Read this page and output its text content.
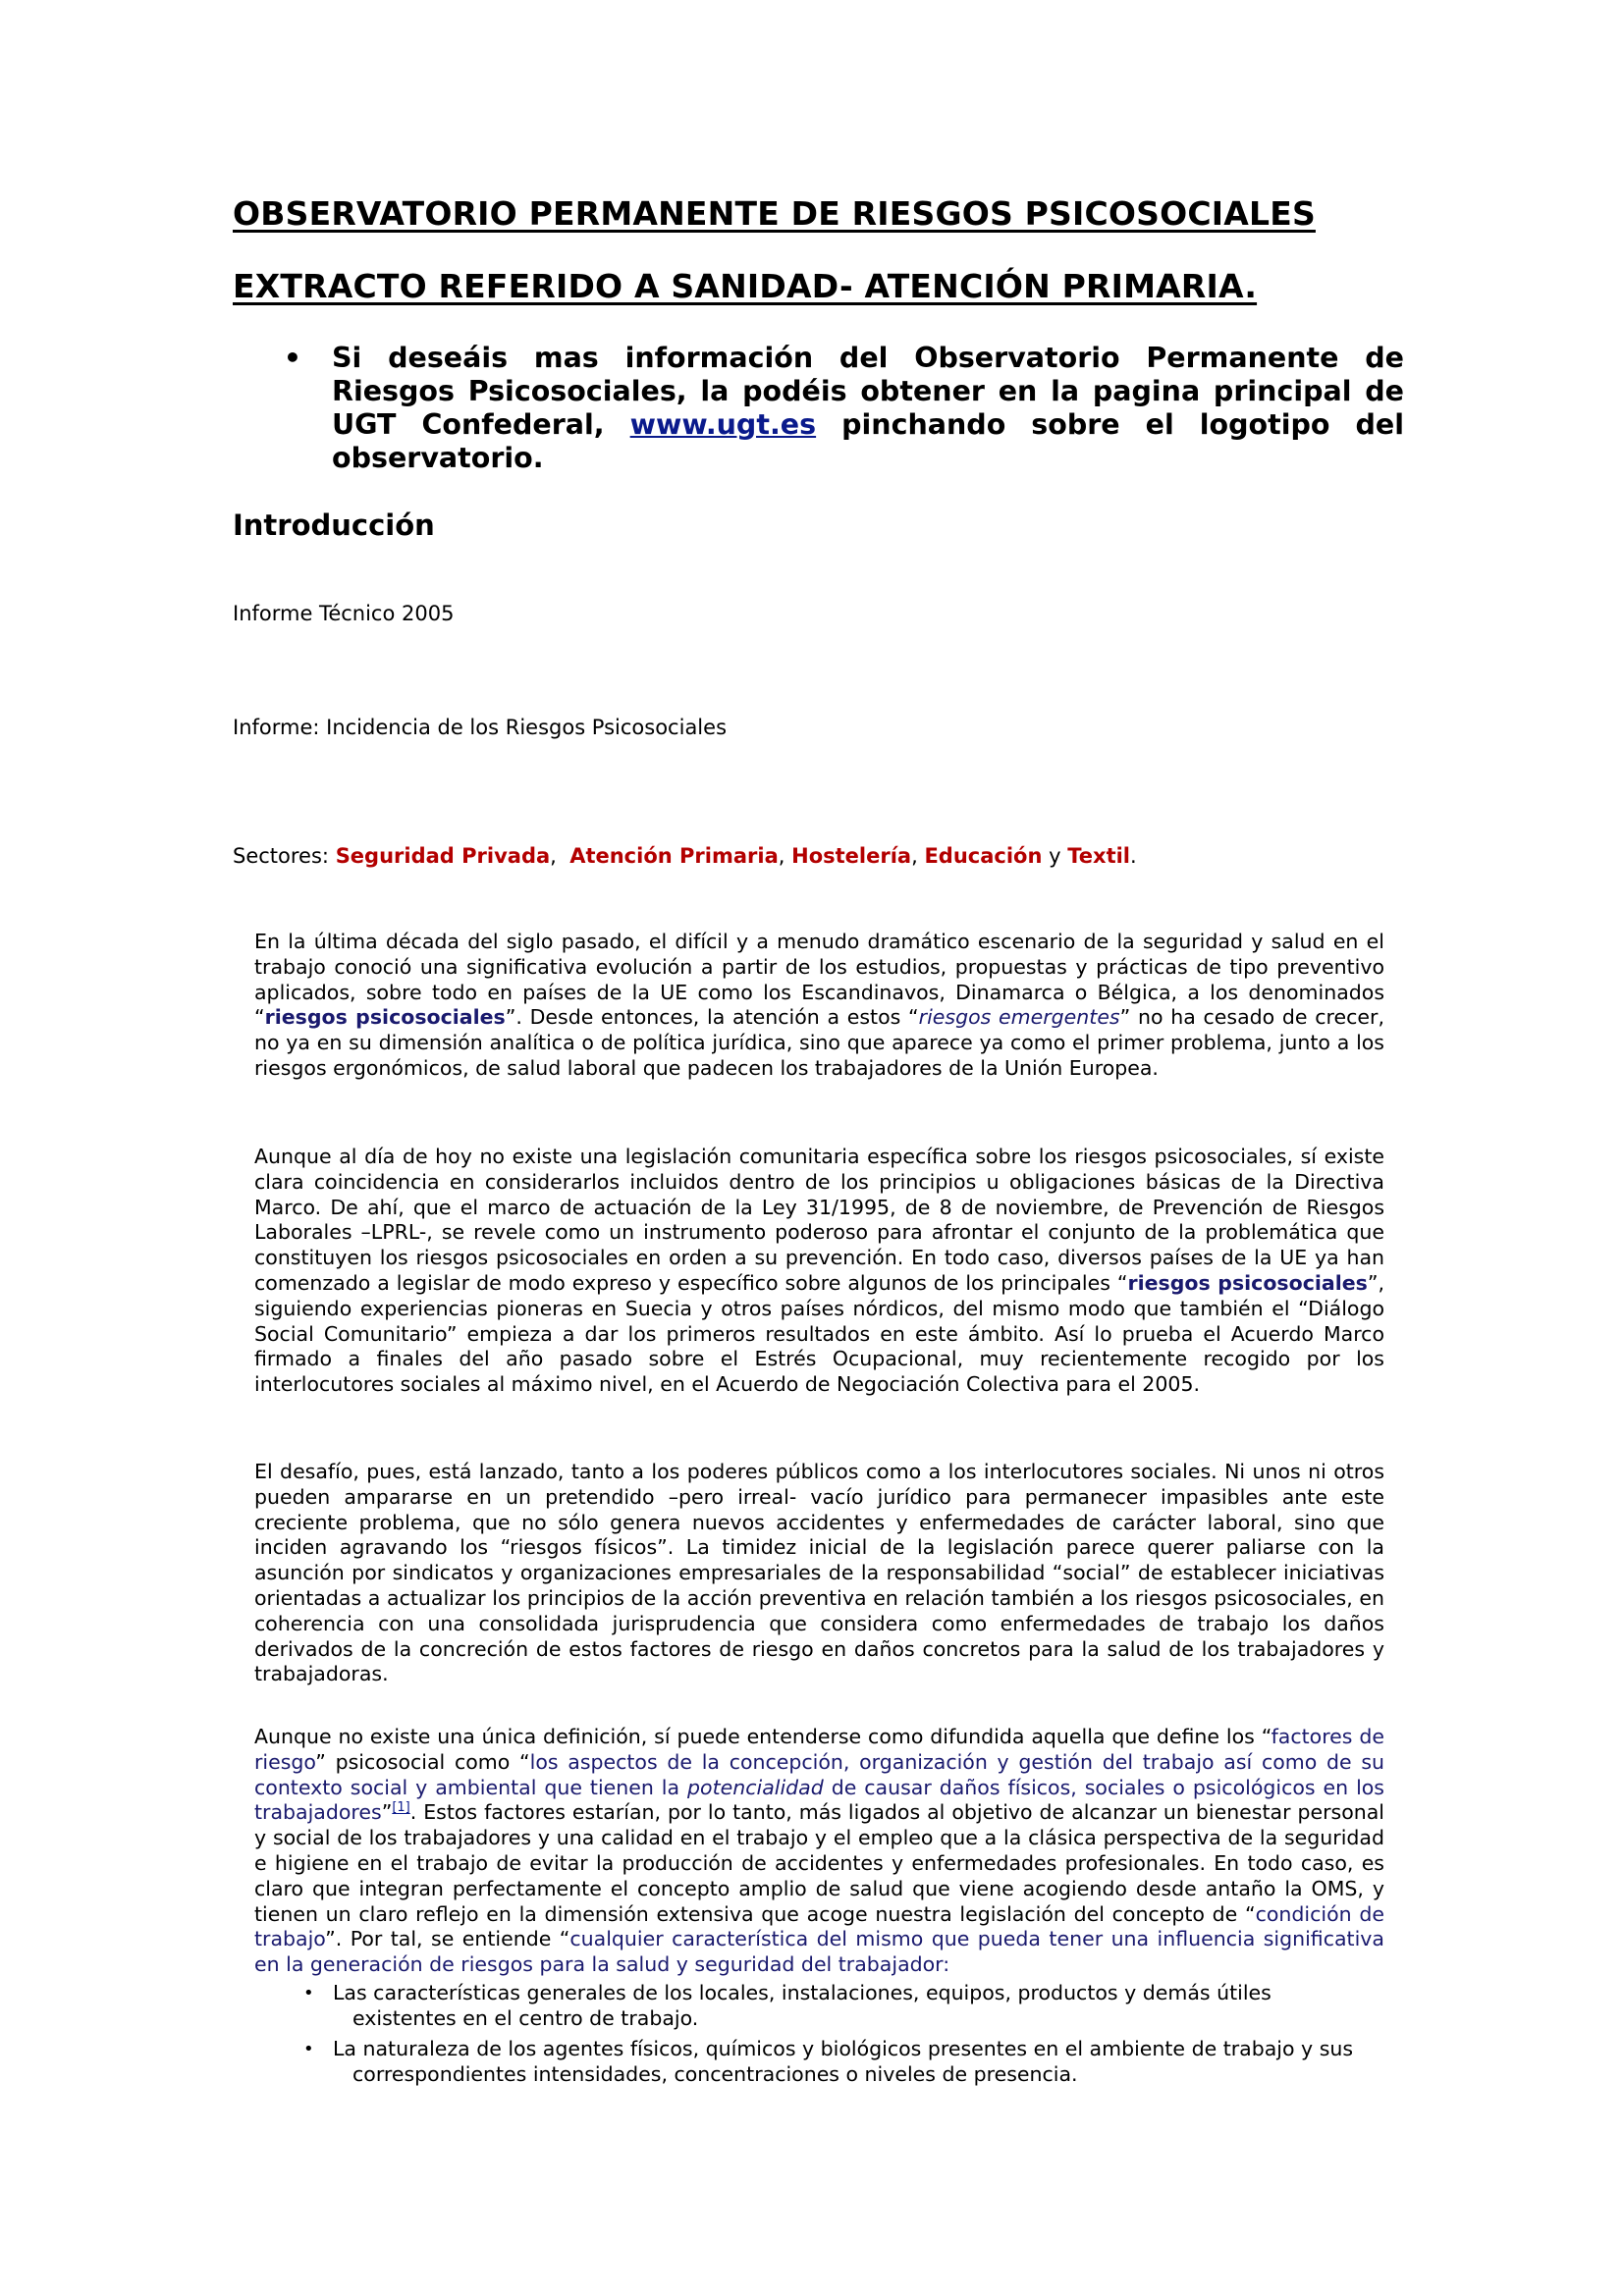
OBSERVATORIO PERMANENTE DE RIESGOS PSICOSOCIALES
EXTRACTO REFERIDO A SANIDAD- ATENCIÓN PRIMARIA.
• Si deseáis mas información del Observatorio Permanente de Riesgos Psicosociales, la podéis obtener en la pagina principal de UGT Confederal, www.ugt.es pinchando sobre el logotipo del observatorio.
Introducción
Informe Técnico 2005
Informe: Incidencia de los Riesgos Psicosociales
Sectores: Seguridad Privada, Atención Primaria, Hostelería, Educación y Textil.
En la última década del siglo pasado, el difícil y a menudo dramático escenario de la seguridad y salud en el trabajo conoció una significativa evolución a partir de los estudios, propuestas y prácticas de tipo preventivo aplicados, sobre todo en países de la UE como los Escandinavos, Dinamarca o Bélgica, a los denominados “riesgos psicosociales”. Desde entonces, la atención a estos “riesgos emergentes” no ha cesado de crecer, no ya en su dimensión analítica o de política jurídica, sino que aparece ya como el primer problema, junto a los riesgos ergonómicos, de salud laboral que padecen los trabajadores de la Unión Europea.
Aunque al día de hoy no existe una legislación comunitaria específica sobre los riesgos psicosociales, sí existe clara coincidencia en considerarlos incluidos dentro de los principios u obligaciones básicas de la Directiva Marco. De ahí, que el marco de actuación de la Ley 31/1995, de 8 de noviembre, de Prevención de Riesgos Laborales –LPRL-, se revele como un instrumento poderoso para afrontar el conjunto de la problemática que constituyen los riesgos psicosociales en orden a su prevención. En todo caso, diversos países de la UE ya han comenzado a legislar de modo expreso y específico sobre algunos de los principales “riesgos psicosociales”, siguiendo experiencias pioneras en Suecia y otros países nórdicos, del mismo modo que también el “Diálogo Social Comunitario” empieza a dar los primeros resultados en este ámbito. Así lo prueba el Acuerdo Marco firmado a finales del año pasado sobre el Estrés Ocupacional, muy recientemente recogido por los interlocutores sociales al máximo nivel, en el Acuerdo de Negociación Colectiva para el 2005.
El desafío, pues, está lanzado, tanto a los poderes públicos como a los interlocutores sociales. Ni unos ni otros pueden ampararse en un pretendido –pero irreal- vacío jurídico para permanecer impasibles ante este creciente problema, que no sólo genera nuevos accidentes y enfermedades de carácter laboral, sino que inciden agravando los “riesgos físicos”. La timidez inicial de la legislación parece querer paliarse con la asunción por sindicatos y organizaciones empresariales de la responsabilidad “social” de establecer iniciativas orientadas a actualizar los principios de la acción preventiva en relación también a los riesgos psicosociales, en coherencia con una consolidada jurisprudencia que considera como enfermedades de trabajo los daños derivados de la concreción de estos factores de riesgo en daños concretos para la salud de los trabajadores y trabajadoras.
Aunque no existe una única definición, sí puede entenderse como difundida aquella que define los “factores de riesgo” psicosocial como “los aspectos de la concepción, organización y gestión del trabajo así como de su contexto social y ambiental que tienen la potencialidad de causar daños físicos, sociales o psicológicos en los trabajadores”[1]. Estos factores estarían, por lo tanto, más ligados al objetivo de alcanzar un bienestar personal y social de los trabajadores y una calidad en el trabajo y el empleo que a la clásica perspectiva de la seguridad e higiene en el trabajo de evitar la producción de accidentes y enfermedades profesionales. En todo caso, es claro que integran perfectamente el concepto amplio de salud que viene acogiendo desde antaño la OMS, y tienen un claro reflejo en la dimensión extensiva que acoge nuestra legislación del concepto de “condición de trabajo”. Por tal, se entiende “cualquier característica del mismo que pueda tener una influencia significativa en la generación de riesgos para la salud y seguridad del trabajador:
• Las características generales de los locales, instalaciones, equipos, productos y demás útiles
existentes en el centro de trabajo.
• La naturaleza de los agentes físicos, químicos y biológicos presentes en el ambiente de trabajo y sus
correspondientes intensidades, concentraciones o niveles de presencia.
